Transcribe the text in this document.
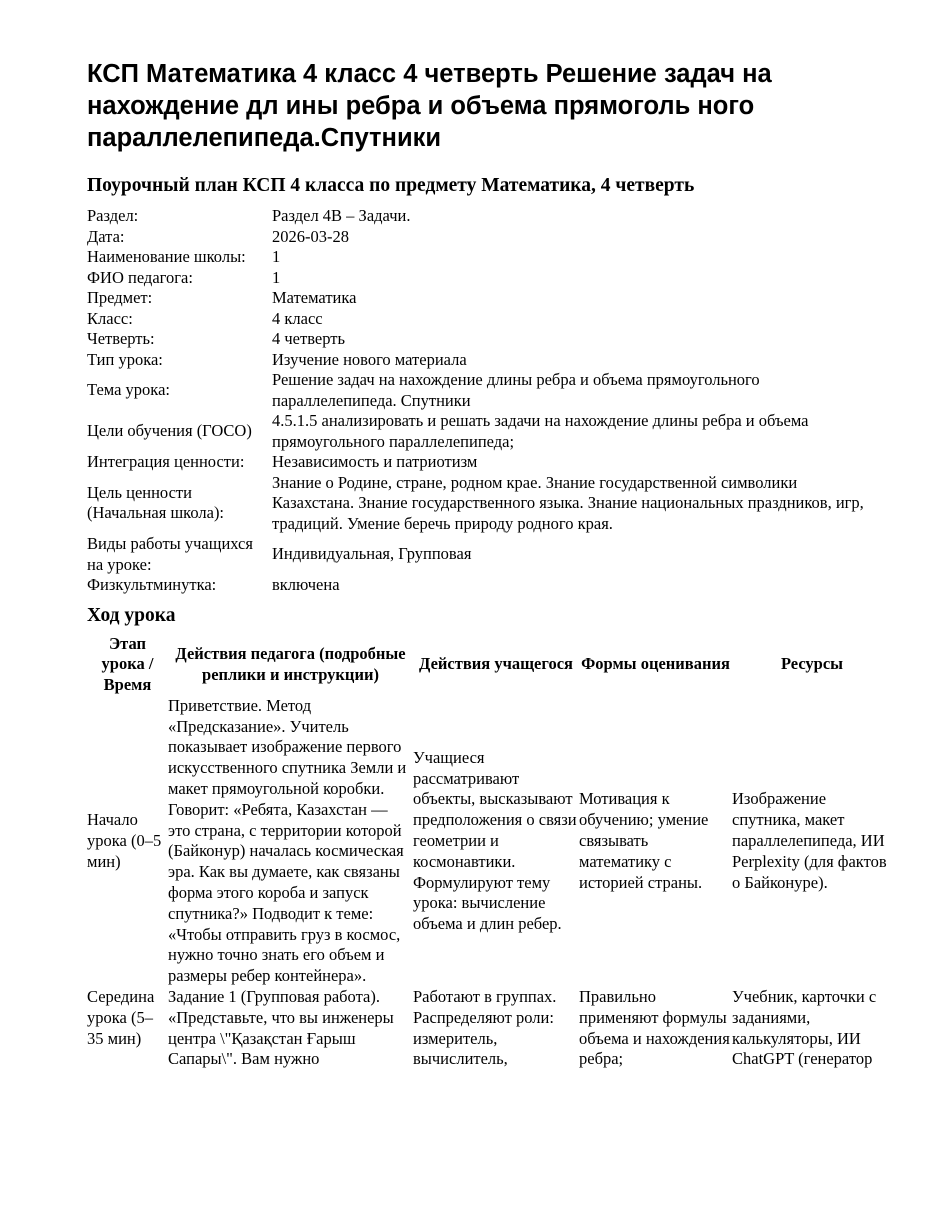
КСП Математика 4 класс 4 четверть Решение задач на нахождение дл ины ребра и объема прямоголь ного параллелепипеда.Спутники
Поурочный план КСП 4 класса по предмету Математика, 4 четверть
Раздел:	Раздел 4В – Задачи.
Дата:	2026-03-28
Наименование школы:	1
ФИО педагога:	1
Предмет:	Математика
Класс:	4 класс
Четверть:	4 четверть
Тип урока:	Изучение нового материала
Тема урока:	Решение задач на нахождение длины ребра и объема прямоугольного параллелепипеда. Спутники
Цели обучения (ГОСО)	4.5.1.5 анализировать и решать задачи на нахождение длины ребра и объема прямоугольного параллелепипеда;
Интеграция ценности:	Независимость и патриотизм
Цель ценности (Начальная школа):	Знание о Родине, стране, родном крае. Знание государственной символики Казахстана. Знание государственного языка. Знание национальных праздников, игр, традиций. Умение беречь природу родного края.
Виды работы учащихся на уроке:	Индивидуальная, Групповая
Физкультминутка:	включена
Ход урока
Этап урока / Время	Действия педагога (подробные реплики и инструкции)	Действия учащегося	Формы оценивания	Ресурсы
Начало урока (0–5 мин)	Приветствие. Метод «Предсказание». Учитель показывает изображение первого искусственного спутника Земли и макет прямоугольной коробки. Говорит: «Ребята, Казахстан — это страна, с территории которой (Байконур) началась космическая эра. Как вы думаете, как связаны форма этого короба и запуск спутника?» Подводит к теме: «Чтобы отправить груз в космос, нужно точно знать его объем и размеры ребер контейнера».	Учащиеся рассматривают объекты, высказывают предположения о связи геометрии и космонавтики. Формулируют тему урока: вычисление объема и длин ребер.	Мотивация к обучению; умение связывать математику с историей страны.	Изображение спутника, макет параллелепипеда, ИИ Perplexity (для фактов о Байконуре).
Середина урока (5–35 мин)	Задание 1 (Групповая работа). «Представьте, что вы инженеры центра \"Қазақстан Ғарыш Сапары\". Вам нужно	Работают в группах. Распределяют роли: измеритель, вычислитель,	Правильно применяют формулы объема и нахождения ребра;	Учебник, карточки с заданиями, калькуляторы, ИИ ChatGPT (генератор
